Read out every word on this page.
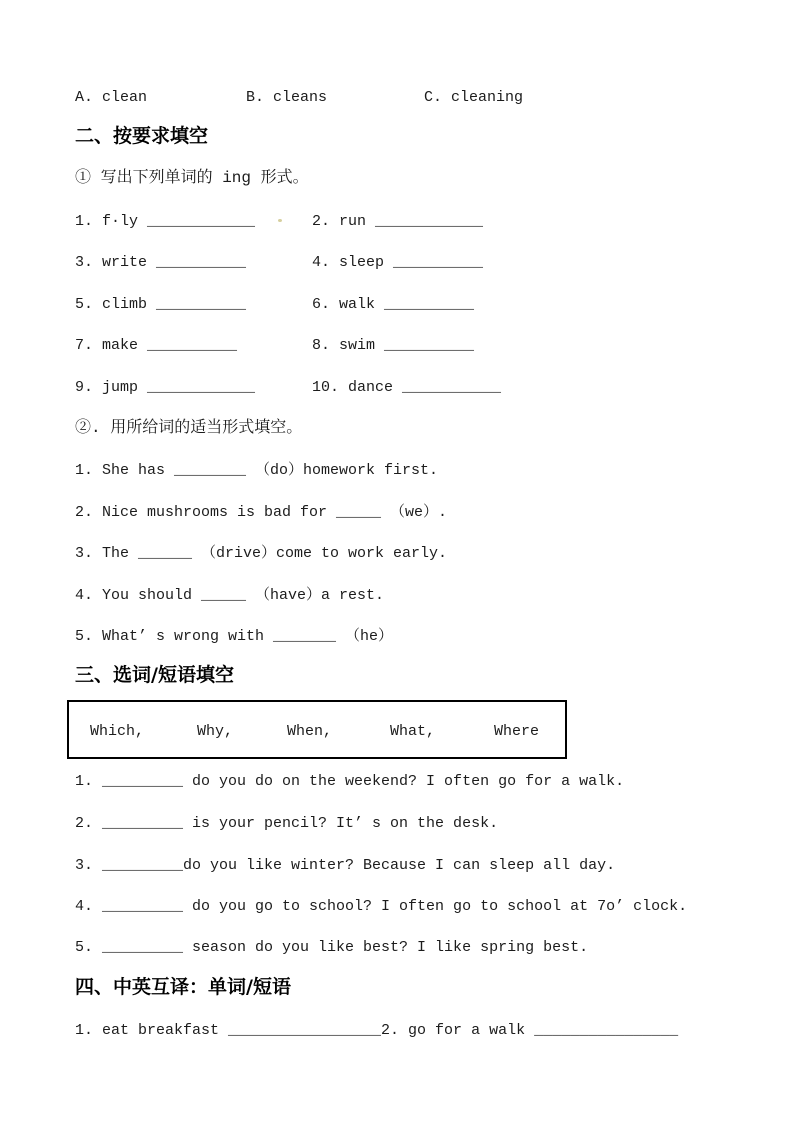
A. clean	B. cleans	C. cleaning
二、按要求填空
① 写出下列单词的 ing 形式。
1. f·ly ____________	2. run ____________
3. write __________	4. sleep __________
5. climb __________	6. walk __________
7. make __________	8. swim __________
9. jump ____________	10. dance ___________
②. 用所给词的适当形式填空。
1. She has ________ （do）homework first.
2. Nice mushrooms is bad for _____ （we）.
3. The ______ （drive）come to work early.
4. You should _____ （have）a rest.
5. What’ s wrong with _______ （he）
三、选词/短语填空
Which,	Why,	When,	What,	Where
1. _________ do you do on the weekend? I often go for a walk.
2. _________ is your pencil? It’ s on the desk.
3. _________do you like winter? Because I can sleep all day.
4. _________ do you go to school? I often go to school at 7o’ clock.
5. _________ season do you like best? I like spring best.
四、中英互译：单词/短语
1. eat breakfast _________________2. go for a walk ________________
